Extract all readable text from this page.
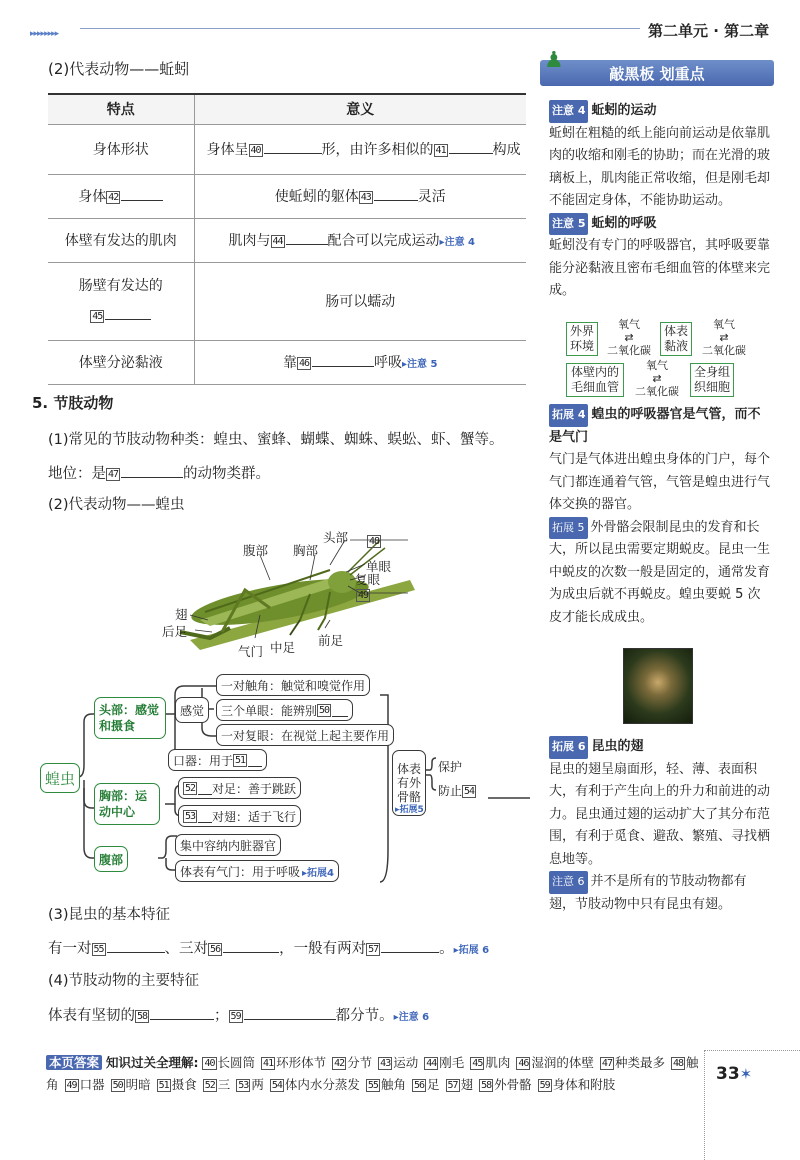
▸▸▸▸▸▸▸▸	第二单元 · 第二章
(2)代表动物——蚯蚓
特点	意义
身体形状	身体呈 40 形，由许多相似的 41 构成
身体 42	使蚯蚓的躯体 43 灵活
体壁有发达的肌肉	肌肉与 44 配合可以完成运动▸注意 4
肠壁有发达的
45	肠可以蠕动
体壁分泌黏液	靠 46 呼吸▸注意 5
5. 节肢动物
(1)常见的节肢动物种类：蝗虫、蜜蜂、蝴蝶、蜘蛛、蜈蚣、虾、蟹等。
地位：是 47	的动物类群。
(2)代表动物——蝗虫
腹部 胸部
头部 48
单眼
复眼
49
翅
后足
气门 中足 前足
蝗虫
头部：感觉
和摄食
感觉
一对触角：触觉和嗅觉作用
三个单眼：能辨别 50
一对复眼：在视觉上起主要作用
口器：用于 51
胸部：运
动中心
52 对足：善于跳跃
53 对翅：适于飞行
腹部
集中容纳内脏器官
体表有气门：用于呼吸 ▸拓展4
体表
有外
骨骼
▸拓展5
保护
防止 54
(3)昆虫的基本特征
有一对 55	、三对 56	，一般有两对 57	。▸拓展 6
(4)节肢动物的主要特征
体表有坚韧的 58	； 59	都分节。▸注意 6
♟
敲黑板 划重点

注意 4 蚯蚓的运动

蚯蚓在粗糙的纸上能向前运动是依靠肌肉的收缩和刚毛的协助；而在光滑的玻璃板上，肌肉能正常收缩，但是刚毛却不能固定身体，不能协助运动。

注意 5 蚯蚓的呼吸

蚯蚓没有专门的呼吸器官，其呼吸要靠能分泌黏液且密布毛细血管的体壁来完成。

外界
环境
氧气
⇄
二氧化碳
体表
黏液
氧气
⇄
二氧化碳
体壁内的
毛细血管
氧气
⇄
二氧化碳
全身组
织细胞

拓展 4 蝗虫的呼吸器官是气管，而不是气门

气门是气体进出蝗虫身体的门户，每个气门都连通着气管，气管是蝗虫进行气体交换的器官。

拓展 5 外骨骼会限制昆虫的发育和长大，所以昆虫需要定期蜕皮。昆虫一生中蜕皮的次数一般是固定的，通常发育为成虫后就不再蜕皮。蝗虫要蜕 5 次皮才能长成成虫。

拓展 6 昆虫的翅

昆虫的翅呈扇面形，轻、薄、表面积大，有利于产生向上的升力和前进的动力。昆虫通过翅的运动扩大了其分布范围，有利于觅食、避敌、繁殖、寻找栖息地等。

注意 6 并不是所有的节肢动物都有翅，节肢动物中只有昆虫有翅。

本页答案 知识过关全理解: 40 长圆筒 41 环形体节 42 分节 43 运动 44 刚毛 45 肌肉 46 湿润的体壁 47 种类最多 48 触角 49 口器 50 明暗 51 摄食 52 三 53 两 54 体内水分蒸发 55 触角 56 足 57 翅 58 外骨骼 59 身体和附肢
33✶
